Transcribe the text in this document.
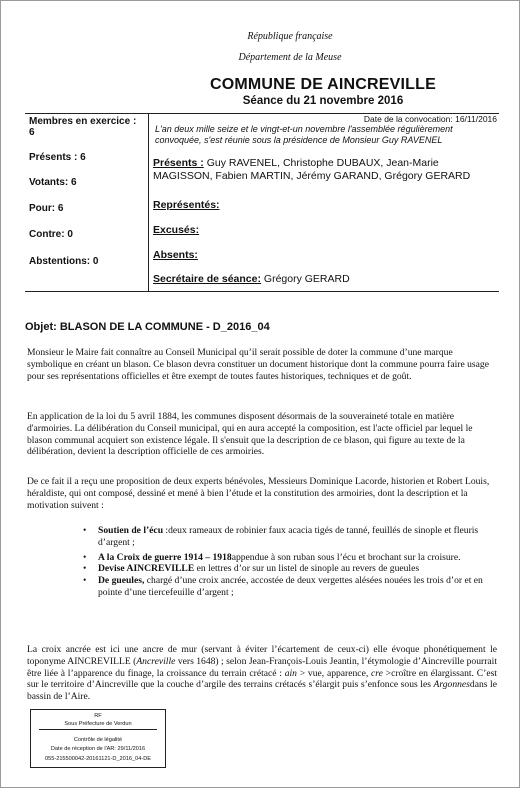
République française
Département de la Meuse
COMMUNE DE AINCREVILLE
Séance du 21 novembre 2016
Membres en exercice :
6
Présents : 6
Votants: 6
Pour: 6
Contre: 0
Abstentions: 0
Date de la convocation: 16/11/2016
L'an deux mille seize et le vingt-et-un novembre l'assemblée régulièrement convoquée, s'est réunie sous la présidence de Monsieur Guy RAVENEL
Présents : Guy RAVENEL, Christophe DUBAUX, Jean-Marie MAGISSON, Fabien MARTIN, Jérémy GARAND, Grégory GERARD
Représentés:
Excusés:
Absents:
Secrétaire de séance: Grégory GERARD
Objet: BLASON DE LA COMMUNE - D_2016_04
Monsieur le Maire fait connaître au Conseil Municipal qu’il serait possible de doter la commune d’une marque symbolique en créant un blason. Ce blason devra constituer un document historique dont la commune pourra faire usage pour ses représentations officielles et être exempt de toutes fautes historiques, techniques et de goût.
En application de la loi du 5 avril 1884, les communes disposent désormais de la souveraineté totale en matière d'armoiries. La délibération du Conseil municipal, qui en aura accepté la composition, est l'acte officiel par lequel le blason communal acquiert son existence légale. Il s'ensuit que la description de ce blason, qui figure au texte de la délibération, devient la description officielle de ces armoiries.
De ce fait il a reçu une proposition de deux experts bénévoles, Messieurs Dominique Lacorde, historien et Robert Louis, héraldiste, qui ont composé, dessiné et mené à bien l’étude et la constitution des armoiries, dont la description et la motivation suivent :
• Soutien de l’écu :deux rameaux de robinier faux acacia tigés de tanné, feuillés de sinople et fleuris d’argent ;
• A la Croix de guerre 1914 – 1918appendue à son ruban sous l’écu et brochant sur la croisure.
• Devise AINCREVILLE en lettres d’or sur un listel de sinople au revers de gueules
• De gueules, chargé d’une croix ancrée, accostée de deux vergettes alésées nouées les trois d’or et en pointe d’une tiercefeuille d’argent ;
La croix ancrée est ici une ancre de mur (servant à éviter l’écartement de ceux-ci) elle évoque phonétiquement le toponyme AINCREVILLE (Ancreville vers 1648) ; selon Jean-François-Louis Jeantin, l’étymologie d’Aincreville pourrait être liée à l’apparence du finage, la croissance du terrain crétacé : ain > vue, apparence, cre >croître en élargissant. C’est sur le territoire d’Aincreville que la couche d’argile des terrains crétacés s’élargit puis s’enfonce sous les Argonnesdans le bassin de l’Aire.
RF
Sous Préfecture de Verdun
Contrôle de légalité
Date de réception de l'AR: 29/11/2016
055-215500042-20161121-D_2016_04-DE
